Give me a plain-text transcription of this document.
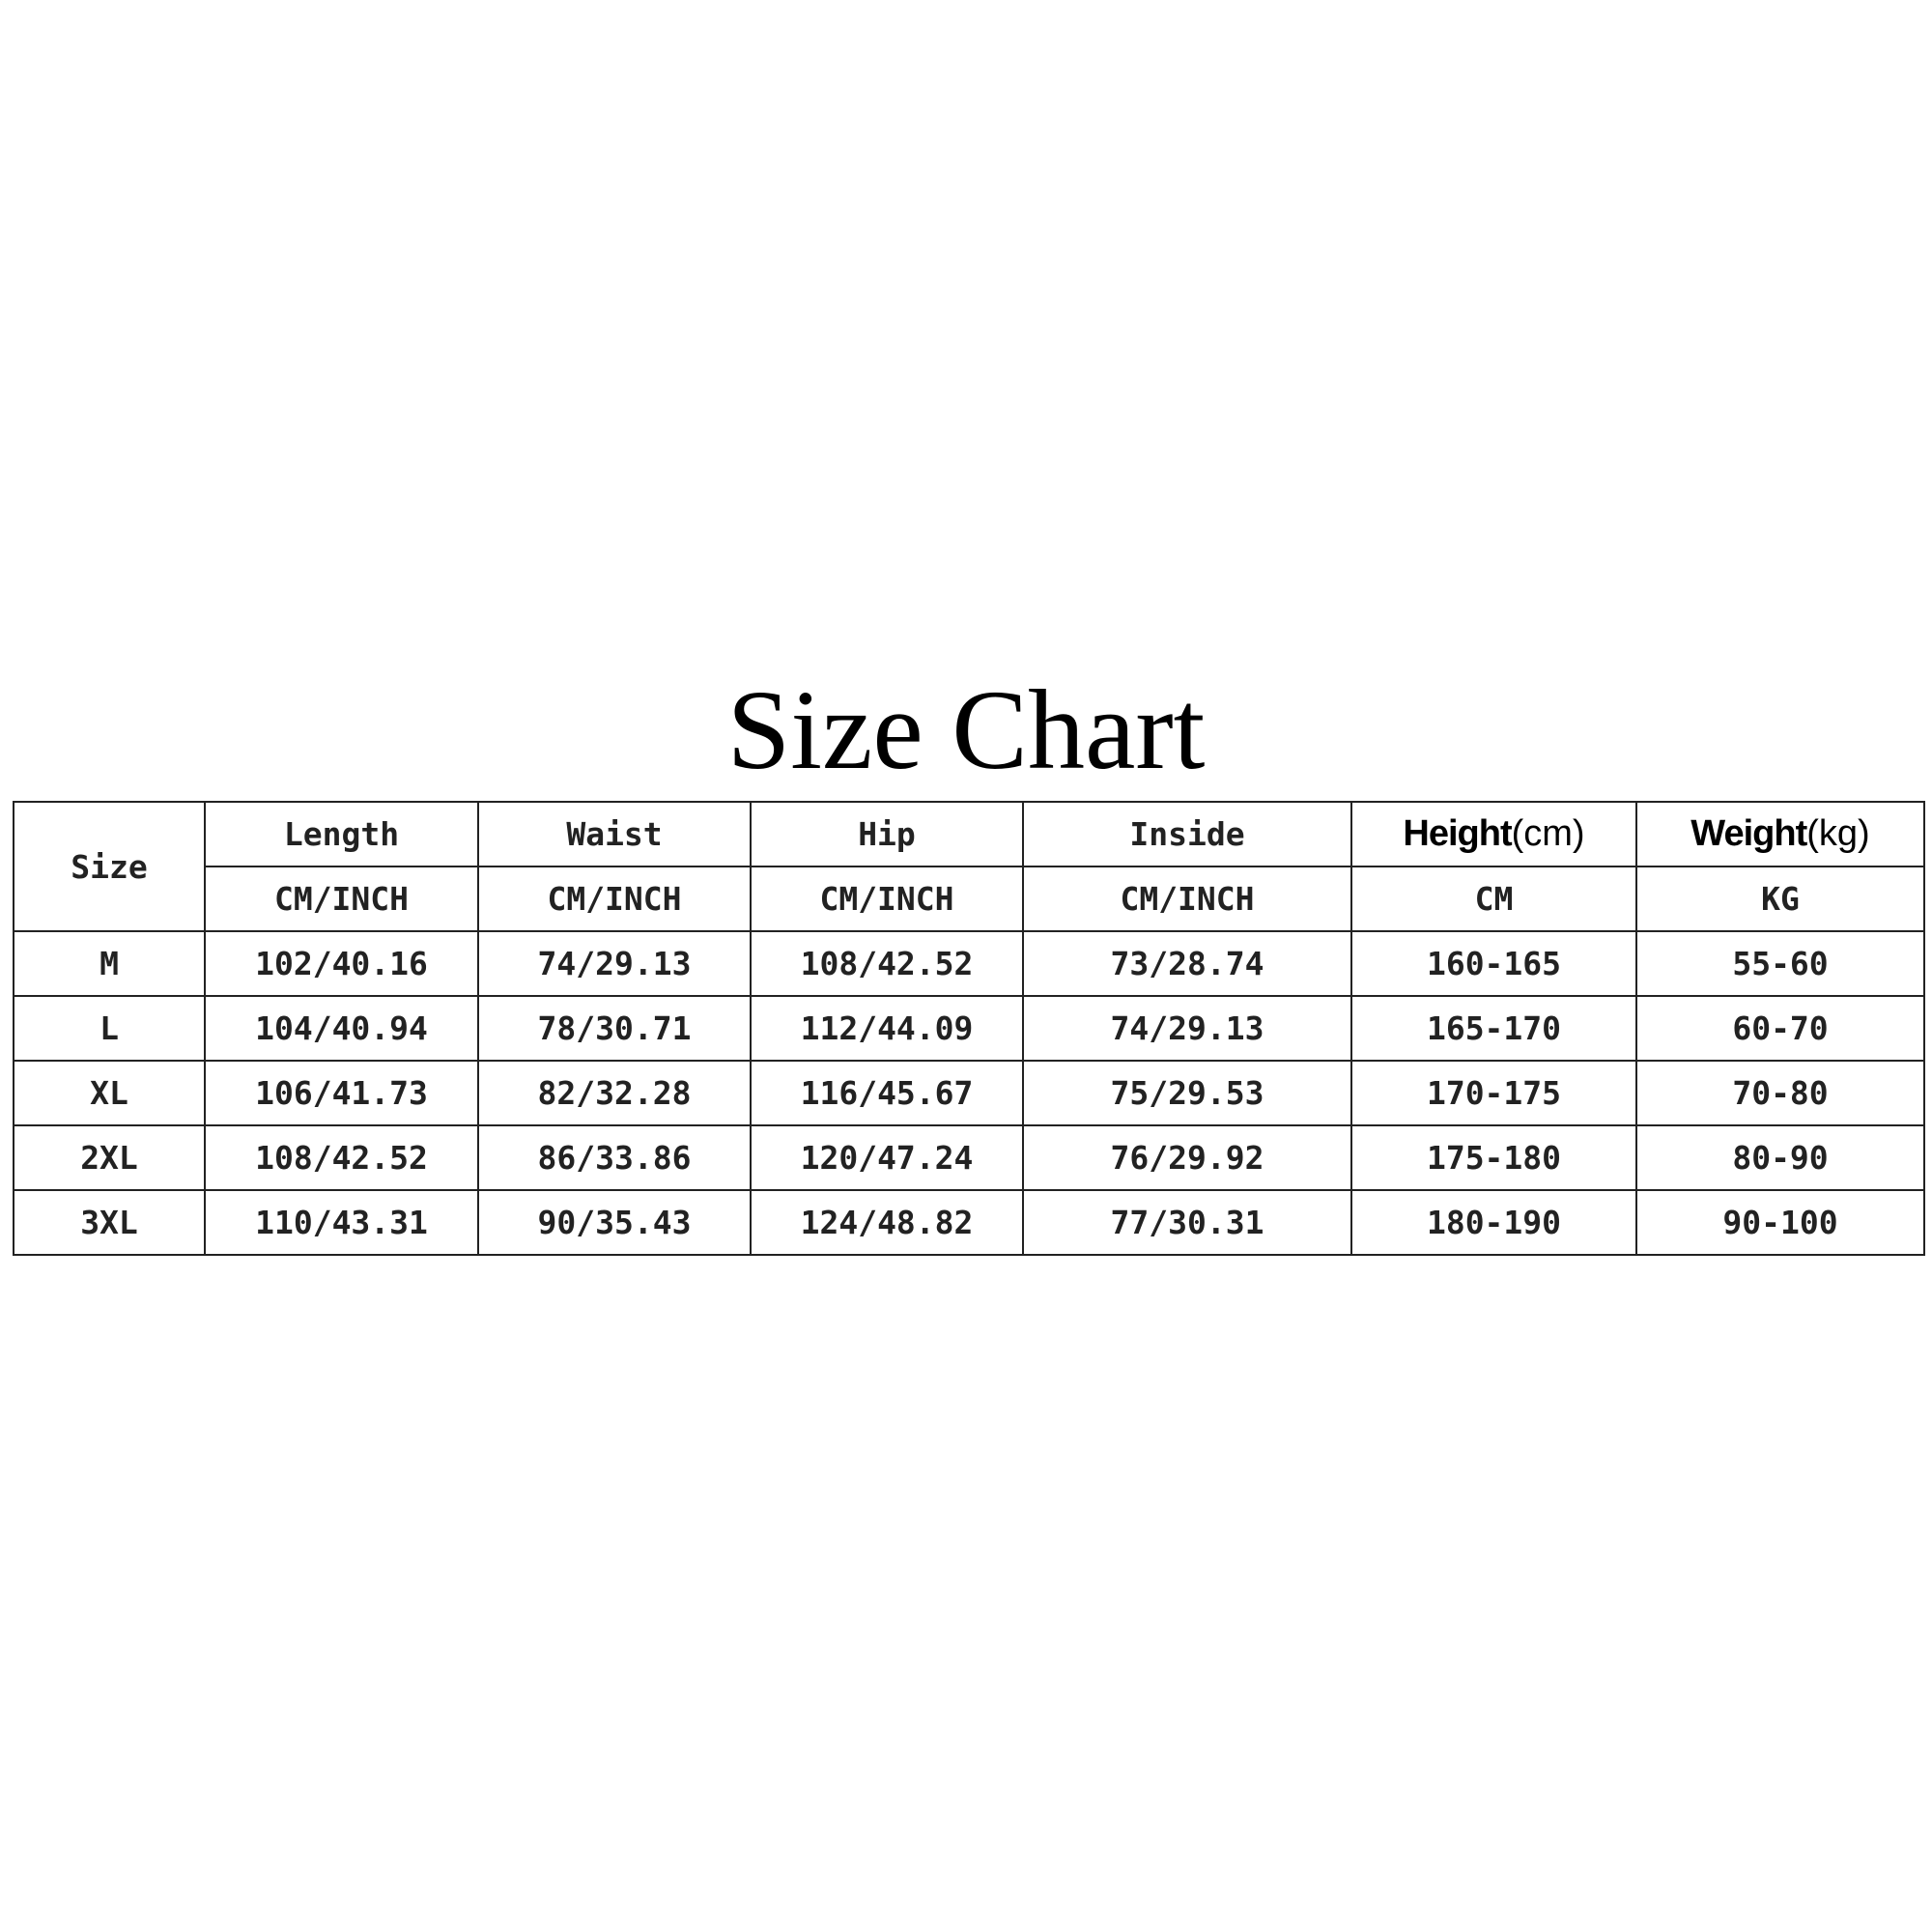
Size Chart
Size	Length	Waist	Hip	Inside	Height(cm)	Weight(kg)
	CM/INCH	CM/INCH	CM/INCH	CM/INCH	CM	KG
M	102/40.16	74/29.13	108/42.52	73/28.74	160-165	55-60
L	104/40.94	78/30.71	112/44.09	74/29.13	165-170	60-70
XL	106/41.73	82/32.28	116/45.67	75/29.53	170-175	70-80
2XL	108/42.52	86/33.86	120/47.24	76/29.92	175-180	80-90
3XL	110/43.31	90/35.43	124/48.82	77/30.31	180-190	90-100
